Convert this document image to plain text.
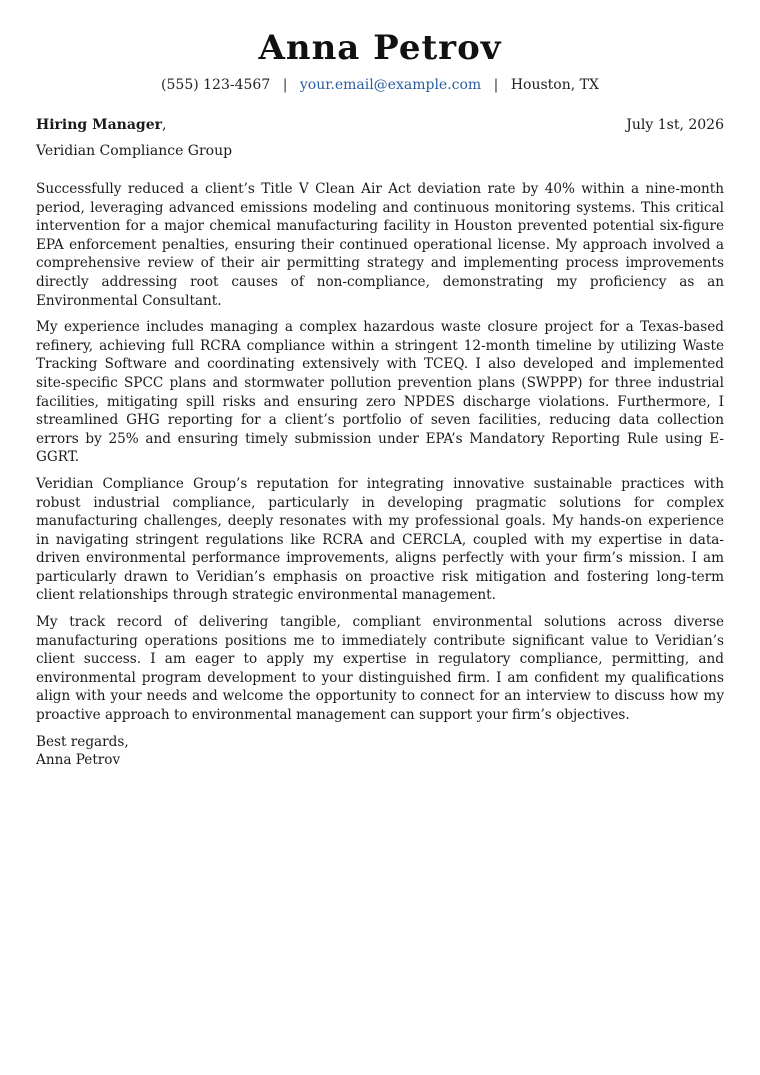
Anna Petrov
(555) 123-4567 | your.email@example.com | Houston, TX
Hiring Manager,	July 1st, 2026
Veridian Compliance Group

Successfully reduced a client’s Title V Clean Air Act deviation rate by 40% within a nine-month period, leveraging advanced emissions modeling and continuous monitoring systems. This critical intervention for a major chemical manufacturing facility in Houston prevented potential six-figure EPA enforcement penalties, ensuring their continued operational license. My approach involved a comprehensive review of their air permitting strategy and implementing process improvements directly addressing root causes of non-compliance, demonstrating my proficiency as an Environmental Consultant.

My experience includes managing a complex hazardous waste closure project for a Texas-based refinery, achieving full RCRA compliance within a stringent 12-month timeline by utilizing Waste Tracking Software and coordinating extensively with TCEQ. I also developed and implemented site-specific SPCC plans and stormwater pollution prevention plans (SWPPP) for three industrial facilities, mitigating spill risks and ensuring zero NPDES discharge violations. Furthermore, I streamlined GHG reporting for a client’s portfolio of seven facilities, reducing data collection errors by 25% and ensuring timely submission under EPA’s Mandatory Reporting Rule using E-GGRT.

Veridian Compliance Group’s reputation for integrating innovative sustainable practices with robust industrial compliance, particularly in developing pragmatic solutions for complex manufacturing challenges, deeply resonates with my professional goals. My hands-on experience in navigating stringent regulations like RCRA and CERCLA, coupled with my expertise in data-driven environmental performance improvements, aligns perfectly with your firm’s mission. I am particularly drawn to Veridian’s emphasis on proactive risk mitigation and fostering long-term client relationships through strategic environmental management.

My track record of delivering tangible, compliant environmental solutions across diverse manufacturing operations positions me to immediately contribute significant value to Veridian’s client success. I am eager to apply my expertise in regulatory compliance, permitting, and environmental program development to your distinguished firm. I am confident my qualifications align with your needs and welcome the opportunity to connect for an interview to discuss how my proactive approach to environmental management can support your firm’s objectives.

Best regards,
Anna Petrov
